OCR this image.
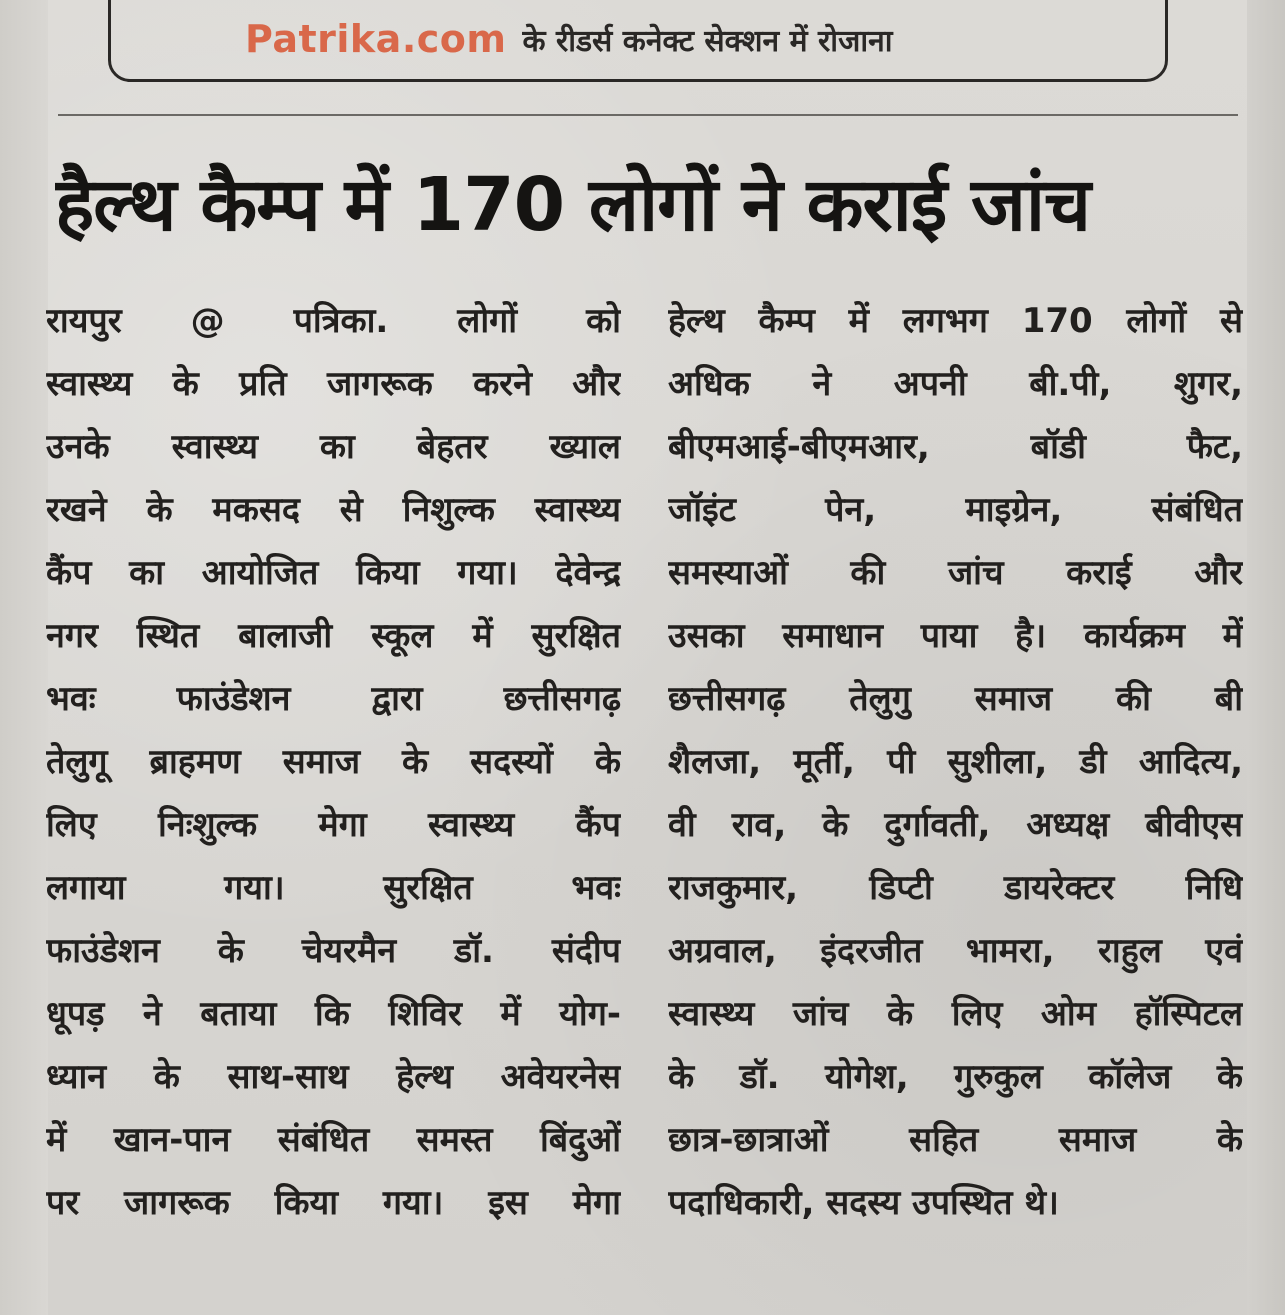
Patrika.com के रीडर्स कनेक्ट सेक्शन में रोजाना
हैल्थ कैम्प में 170 लोगों ने कराई जांच
रायपुर @ पत्रिका. लोगों को
स्वास्थ्य के प्रति जागरूक करने और
उनके स्वास्थ्य का बेहतर ख्याल
रखने के मकसद से निशुल्क स्वास्थ्य
कैंप का आयोजित किया गया। देवेन्द्र
नगर स्थित बालाजी स्कूल में सुरक्षित
भवः फाउंडेशन द्वारा छत्तीसगढ़
तेलुगू ब्राहमण समाज के सदस्यों के
लिए निःशुल्क मेगा स्वास्थ्य कैंप
लगाया गया। सुरक्षित भवः
फाउंडेशन के चेयरमैन डॉ. संदीप
धूपड़ ने बताया कि शिविर में योग-
ध्यान के साथ-साथ हेल्थ अवेयरनेस
में खान-पान संबंधित समस्त बिंदुओं
पर जागरूक किया गया। इस मेगा
हेल्थ कैम्प में लगभग 170 लोगों से
अधिक ने अपनी बी.पी, शुगर,
बीएमआई-बीएमआर, बॉडी फैट,
जॉइंट पेन, माइग्रेन, संबंधित
समस्याओं की जांच कराई और
उसका समाधान पाया है। कार्यक्रम में
छत्तीसगढ़ तेलुगु समाज की बी
शैलजा, मूर्ती, पी सुशीला, डी आदित्य,
वी राव, के दुर्गावती, अध्यक्ष बीवीएस
राजकुमार, डिप्टी डायरेक्टर निधि
अग्रवाल, इंदरजीत भामरा, राहुल एवं
स्वास्थ्य जांच के लिए ओम हॉस्पिटल
के डॉ. योगेश, गुरुकुल कॉलेज के
छात्र-छात्राओं सहित समाज के
पदाधिकारी, सदस्य उपस्थित थे।
